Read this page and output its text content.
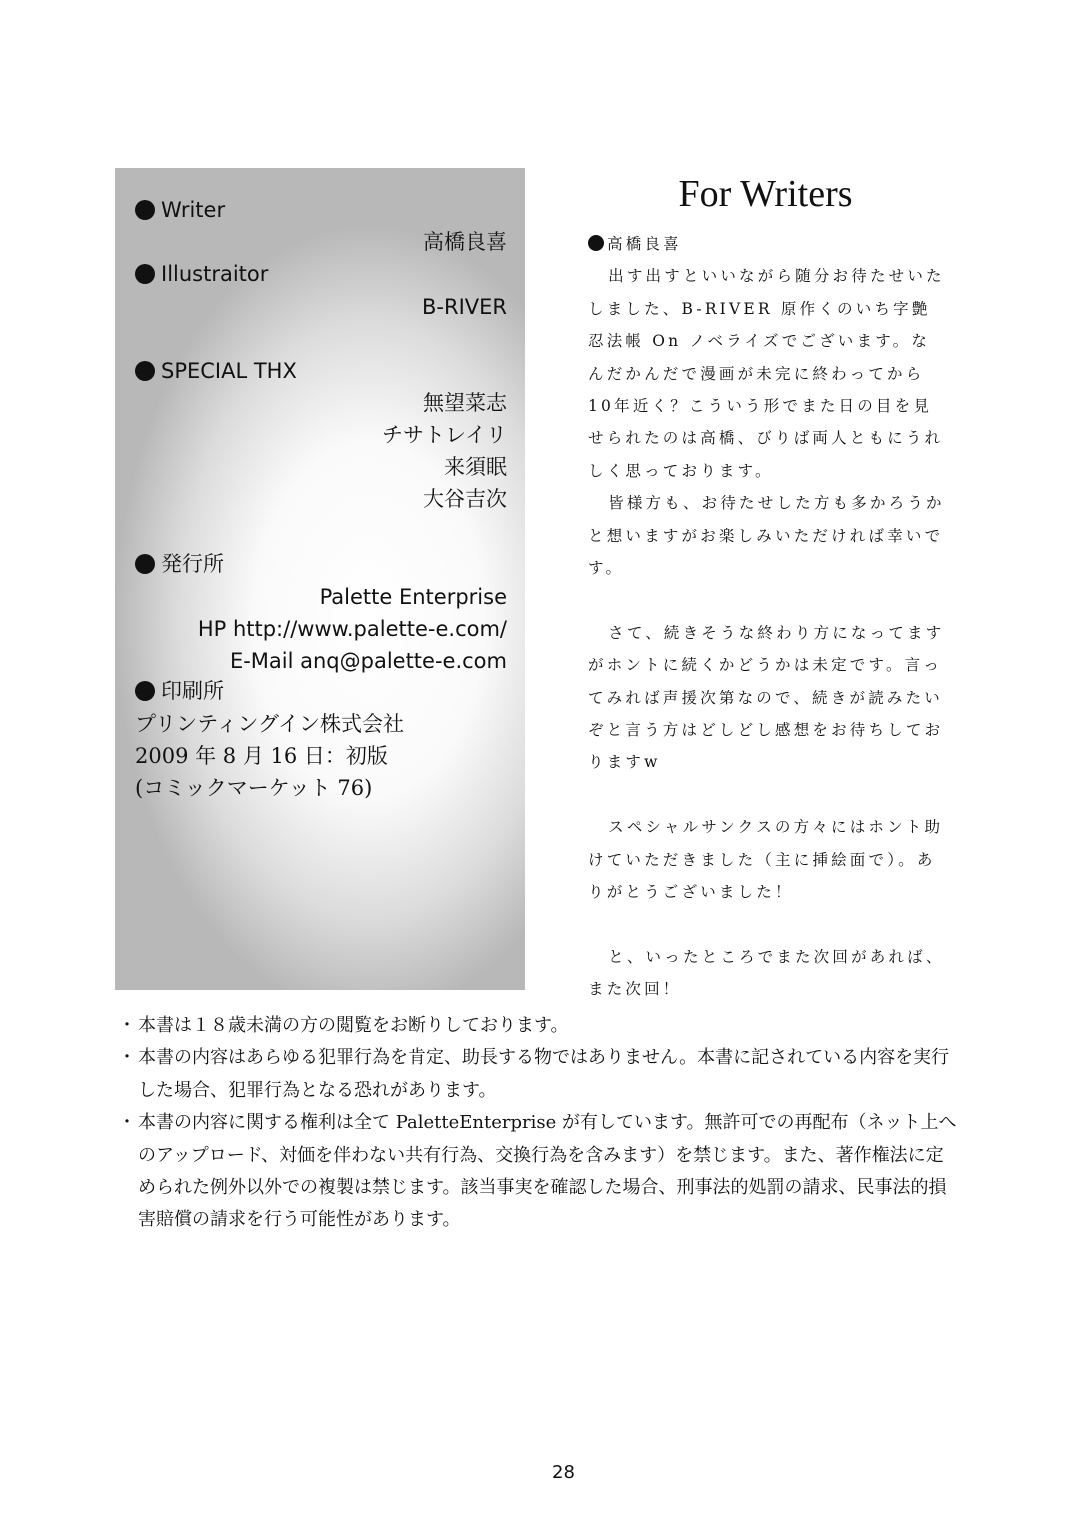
Writer
高橋良喜
Illustraitor
B-RIVER
SPECIAL THX
無望菜志
チサトレイリ
来須眠
大谷吉次
発行所
Palette Enterprise
HP http://www.palette-e.com/
E-Mail anq@palette-e.com
印刷所
プリンティングイン株式会社
2009 年 8 月 16 日：初版
(コミックマーケット 76)
For Writers

高橋良喜

出す出すといいながら随分お待たせいたしました、B-RIVER 原作くのいち字艶忍法帳 On ノベライズでございます。なんだかんだで漫画が未完に終わってから10年近く？こういう形でまた日の目を見せられたのは高橋、びりば両人ともにうれしく思っております。

皆様方も、お待たせした方も多かろうかと想いますがお楽しみいただければ幸いです。

さて、続きそうな終わり方になってますがホントに続くかどうかは未定です。言ってみれば声援次第なので、続きが読みたいぞと言う方はどしどし感想をお待ちしておりますw

スペシャルサンクスの方々にはホント助けていただきました（主に挿絵面で）。ありがとうございました！

と、いったところでまた次回があれば、また次回！

・ 本書は１８歳未満の方の閲覧をお断りしております。
・ 本書の内容はあらゆる犯罪行為を肯定、助長する物ではありません。本書に記されている内容を実行した場合、犯罪行為となる恐れがあります。
・ 本書の内容に関する権利は全て PaletteEnterprise が有しています。無許可での再配布（ネット上へのアップロード、対価を伴わない共有行為、交換行為を含みます）を禁じます。また、著作権法に定められた例外以外での複製は禁じます。該当事実を確認した場合、刑事法的処罰の請求、民事法的損害賠償の請求を行う可能性があります。
28
